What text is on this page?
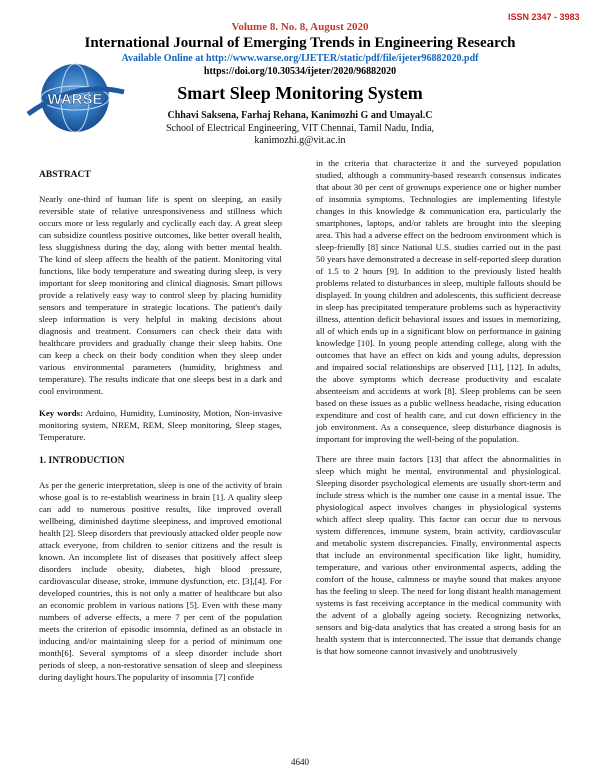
ISSN 2347 - 3983
Volume 8. No. 8, August 2020
International Journal of Emerging Trends in Engineering Research
Available Online at http://www.warse.org/IJETER/static/pdf/file/ijeter96882020.pdf
https://doi.org/10.30534/ijeter/2020/96882020
WARSE	Smart Sleep Monitoring System
Chhavi Saksena, Farhaj Rehana, Kanimozhi G and Umayal.C
School of Electrical Engineering, VIT Chennai, Tamil Nadu, India,
kanimozhi.g@vit.ac.in
ABSTRACT

Nearly one-third of human life is spent on sleeping, an easily reversible state of relative unresponsiveness and stillness which occurs more or less regularly and cyclically each day. A great sleep can subsidize countless positive outcomes, like better overall health, less sluggishness during the day, along with better mental health. The kind of sleep affects the health of the patient. Monitoring vital functions, like body temperature and sweating during sleep, is very important for sleep monitoring and clinical diagnosis. Smart pillows provide a relatively easy way to control sleep by placing humidity sensors and temperature in strategic locations. The patient's daily sleep information is very helpful in making decisions about diagnosis and treatment. Consumers can check their data with healthcare providers and gradually change their sleep habits. One can keep a check on their body condition when they sleep under various environmental parameters (humidity, brightness and temperature). The results indicate that one sleeps best in a dark and cool environment.

Key words: Arduino, Humidity, Luminosity, Motion, Non-invasive monitoring system, NREM, REM, Sleep monitoring, Sleep stages, Temperature.

1. INTRODUCTION

As per the generic interpretation, sleep is one of the activity of brain whose goal is to re-establish weariness in brain [1]. A quality sleep can add to numerous positive results, like improved overall wellbeing, diminished daytime sleepiness, and improved emotional health [2]. Sleep disorders that previously attacked older people now attack everyone, from children to senior citizens and the result is known. An incomplete list of diseases that positively affect sleep disorders include obesity, diabetes, high blood pressure, cardiovascular disease, stroke, immune dysfunction, etc. [3],[4]. For developed countries, this is not only a matter of healthcare but also an economic problem in various nations [5]. Even with these many numbers of adverse effects, a mere 7 per cent of the population meets the criterion of episodic insomnia, defined as an obstacle in inducing and/or maintaining sleep for a period of minimum one month[6]. Several symptoms of a sleep disorder include short periods of sleep, a non-restorative sensation of sleep and sleepiness during daylight hours.The popularity of insomnia [7] confide

in the criteria that characterize it and the surveyed population studied, although a community-based research consensus indicates that about 30 per cent of grownups experience one or higher number of insomnia symptoms. Technologies are implementing lifestyle changes in this knowledge & communication era, particularly the smartphones, laptops, and/or tablets are brought into the sleeping area. This had a adverse effect on the bedroom environment which is sleep-friendly [8] since National U.S. studies carried out in the past 50 years have demonstrated a decrease in self-reported sleep duration of 1.5 to 2 hours [9]. In addition to the previously listed health problems related to disturbances in sleep, multiple fallouts should be displayed. In young children and adolescents, this sufficient decrease in sleep has precipitated temperature problems such as hyperactivity illness, attention deficit behavioral issues and issues in memorizing, all of which ends up in a significant blow on performance in gaining knowledge [10]. In young people attending college, along with the outcomes that have an effect on kids and young adults, depression and impaired social relationships are observed [11], [12]. In adults, the above symptoms which decrease productivity and escalate absenteeism and accidents at work [8]. Sleep problems can be seen based on these issues as a public wellness headache, rising education expenditure and cost of health care, and cut down efficiency in the job environment. As a consequence, sleep disturbance diagnosis is important for improving the well-being of the population.

There are three main factors [13] that affect the abnormalities in sleep which might be mental, environmental and physiological. Sleeping disorder psychological elements are usually short-term and include stress which is the number one cause in a mental issue. The physiological aspect involves changes in physiological systems which affect sleep quality. This factor can occur due to nervous system differences, immune system, brain activity, cardiovascular and metabolic system discrepancies. Finally, environmental aspects that include an environmental specification like light, humidity, temperature, and various other environmental aspects, adding the comfort of the house, calmness or maybe sound that makes anyone has the feeling to sleep. The need for long distant health management systems is fast receiving acceptance in the medical community with the advent of a globally ageing society. Recognizing networks, sensors and big-data analytics that has created a strong basis for an health system that is interconnected. The issue that demands change is that how someone cannot invasively and unobtrusively

4640
